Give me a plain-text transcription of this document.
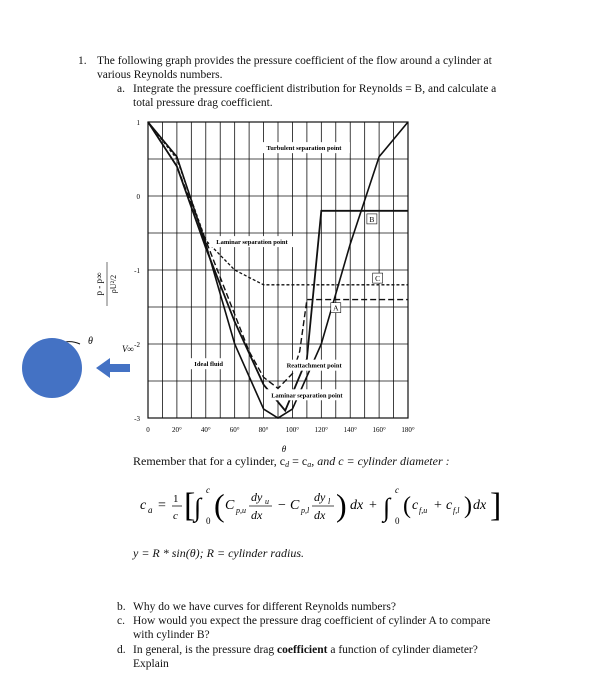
1. The following graph provides the pressure coefficient of the flow around a cylinder at
various Reynolds numbers.
a. Integrate the pressure coefficient distribution for Reynolds = B, and calculate a
total pressure drag coefficient.
0	20°	40°	60°	80° 100° 120° 140° 160° 180°
1
0
-1
-2
-3
Turbulent separation point
Laminar separation point
Reattachment point
Laminar separation point
Ideal fluid
A
B
C
p - p∞ ρU²/2
θ
V∞
θ
Remember that for a cylinder, cd = ca, and c = cylinder diameter :
c a = 1
c [
∫
c
0 ( C p,u
dy u
dx
− C p,l
dy l
dx ) dx + ∫
c
0
( c f,u + c f,l ) dx ]
y = R * sin(θ); R = cylinder radius.
b. Why do we have curves for different Reynolds numbers?
c. How would you expect the pressure drag coefficient of cylinder A to compare
with cylinder B?
d. In general, is the pressure drag coefficient a function of cylinder diameter?
Explain
